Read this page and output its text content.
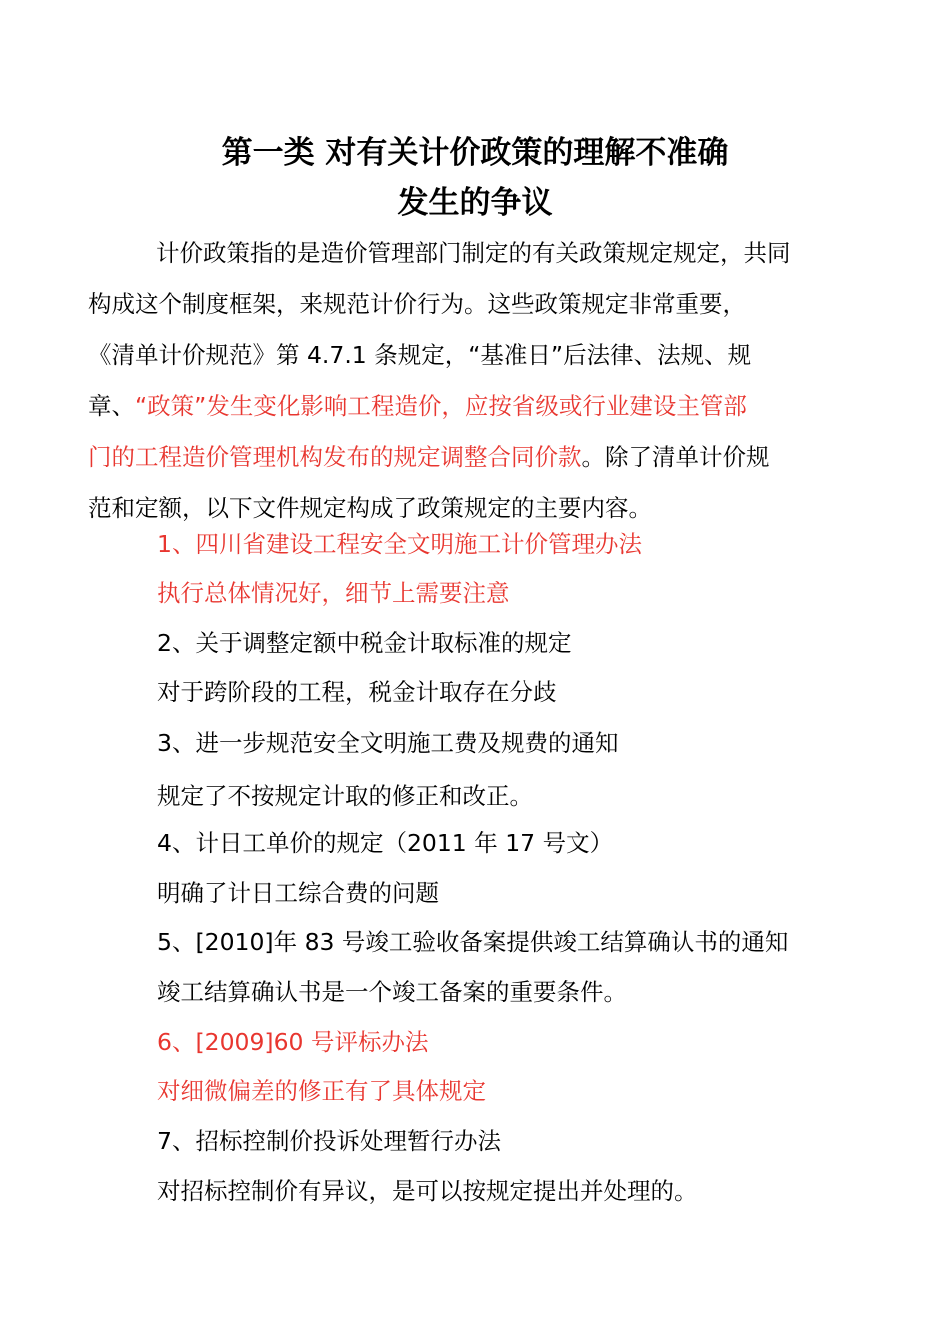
第一类 对有关计价政策的理解不准确
发生的争议
计价政策指的是造价管理部门制定的有关政策规定规定，共同
构成这个制度框架，来规范计价行为。这些政策规定非常重要，
《清单计价规范》第 4.7.1 条规定，“基准日”后法律、法规、规
章、“政策”发生变化影响工程造价，应按省级或行业建设主管部
门的工程造价管理机构发布的规定调整合同价款。除了清单计价规
范和定额，以下文件规定构成了政策规定的主要内容。
1、四川省建设工程安全文明施工计价管理办法
执行总体情况好，细节上需要注意
2、关于调整定额中税金计取标准的规定
对于跨阶段的工程，税金计取存在分歧
3、进一步规范安全文明施工费及规费的通知
规定了不按规定计取的修正和改正。
4、计日工单价的规定（2011 年 17 号文）
明确了计日工综合费的问题
5、[2010]年 83 号竣工验收备案提供竣工结算确认书的通知
竣工结算确认书是一个竣工备案的重要条件。
6、[2009]60 号评标办法
对细微偏差的修正有了具体规定
7、招标控制价投诉处理暂行办法
对招标控制价有异议，是可以按规定提出并处理的。
